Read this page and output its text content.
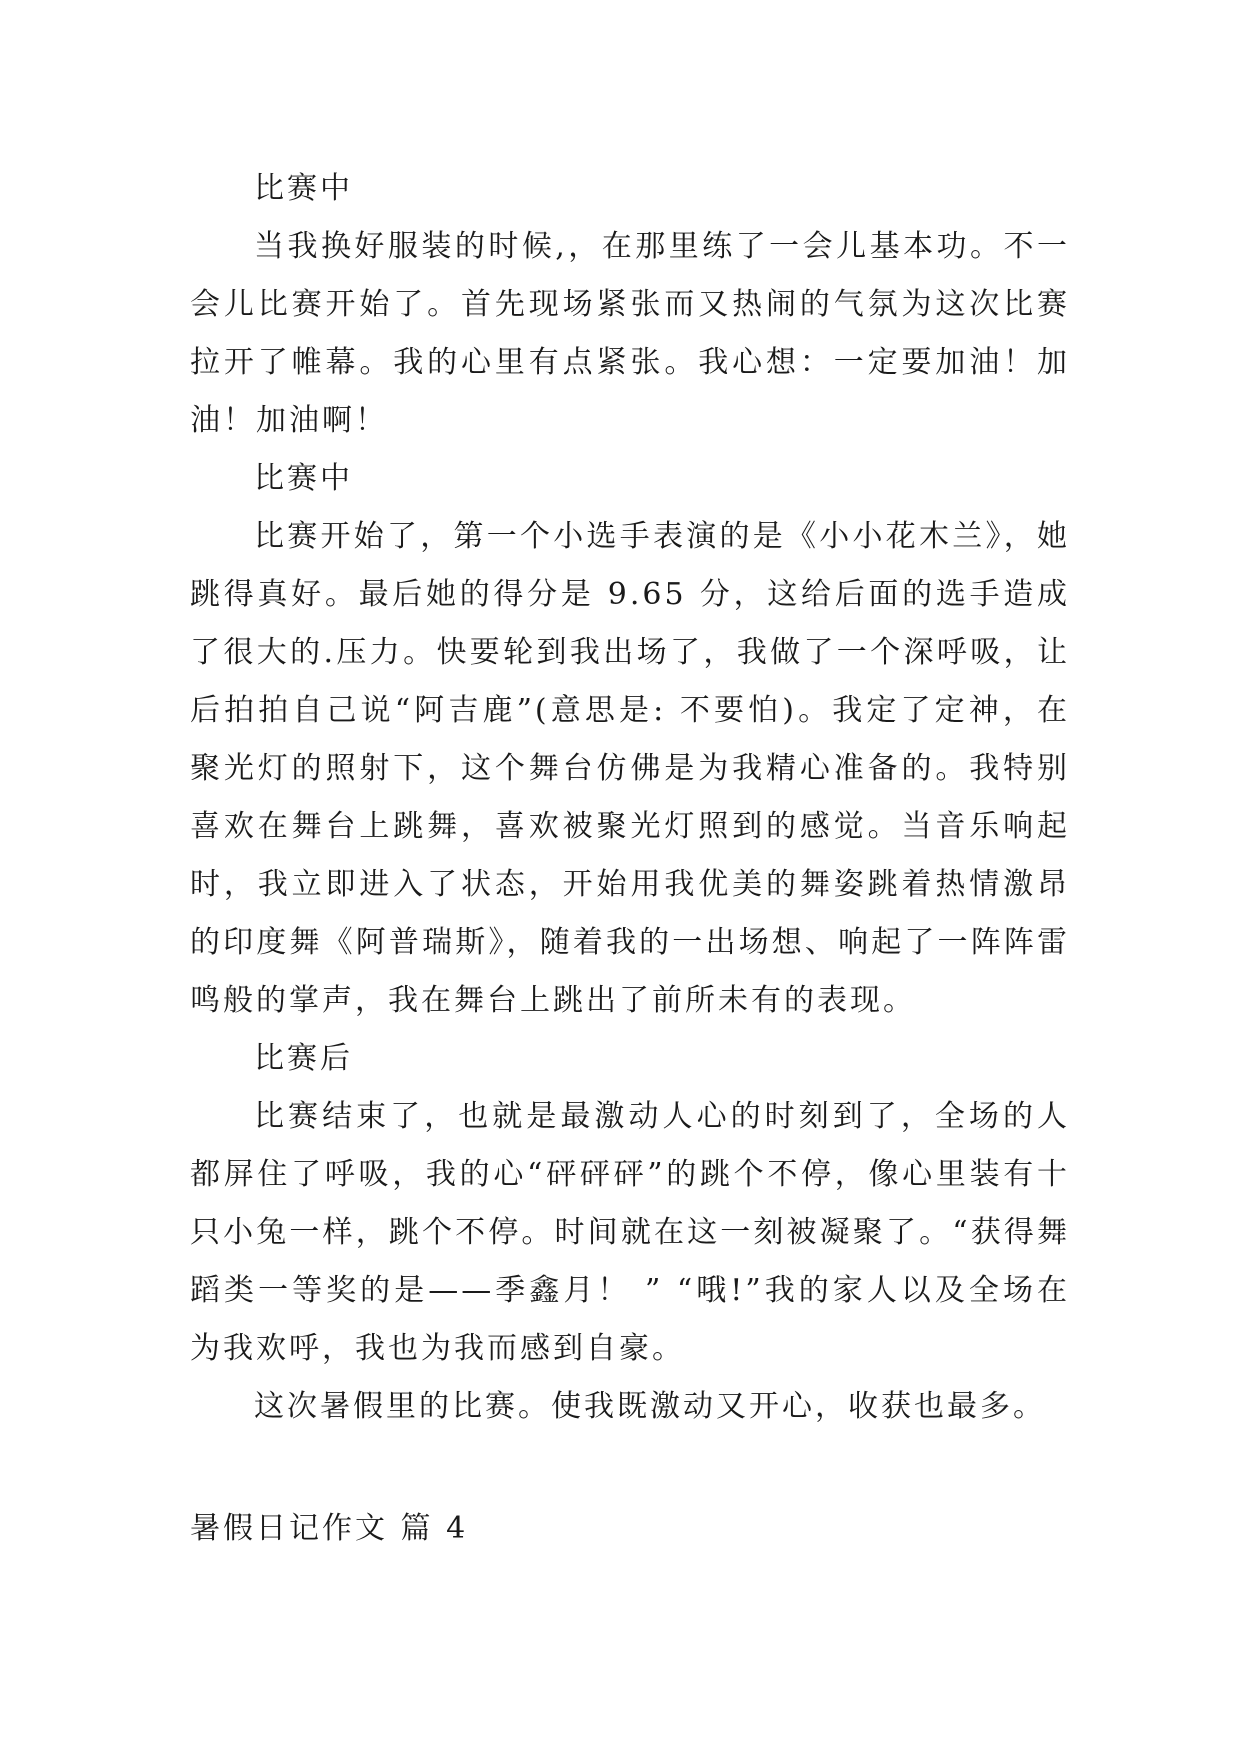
比赛中

当我换好服装的时候,，在那里练了一会儿基本功。不一会儿比赛开始了。首先现场紧张而又热闹的气氛为这次比赛拉开了帷幕。我的心里有点紧张。我心想：一定要加油！加油！加油啊！

比赛中

比赛开始了，第一个小选手表演的是《小小花木兰》，她跳得真好。最后她的得分是 9.65 分，这给后面的选手造成了很大的.压力。快要轮到我出场了，我做了一个深呼吸，让后拍拍自己说“阿吉鹿”(意思是: 不要怕)。我定了定神，在聚光灯的照射下，这个舞台仿佛是为我精心准备的。我特别喜欢在舞台上跳舞，喜欢被聚光灯照到的感觉。当音乐响起时，我立即进入了状态，开始用我优美的舞姿跳着热情激昂的印度舞《阿普瑞斯》，随着我的一出场想、响起了一阵阵雷鸣般的掌声，我在舞台上跳出了前所未有的表现。

比赛后

比赛结束了，也就是最激动人心的时刻到了，全场的人都屏住了呼吸，我的心“砰砰砰”的跳个不停，像心里装有十只小兔一样，跳个不停。时间就在这一刻被凝聚了。“获得舞蹈类一等奖的是——季鑫月！ ” “哦!”我的家人以及全场在为我欢呼，我也为我而感到自豪。

这次暑假里的比赛。使我既激动又开心，收获也最多。

暑假日记作文 篇 4
